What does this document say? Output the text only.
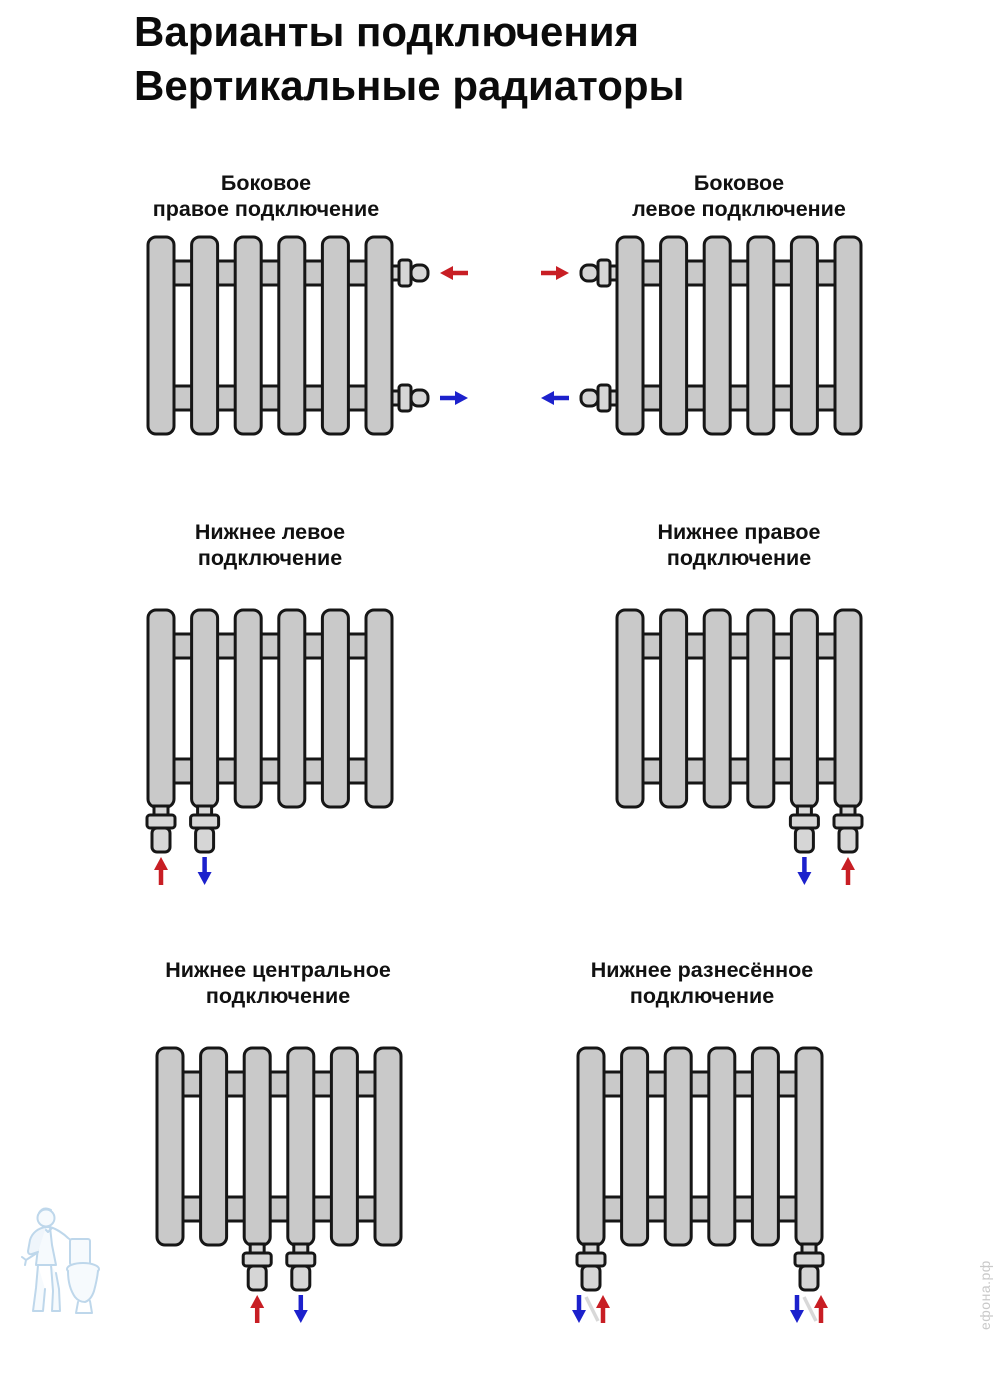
Варианты подключения
Вертикальные радиаторы
Боковое
правое подключение
Боковое
левое подключение
Нижнее левое
подключение
Нижнее правое
подключение
Нижнее центральное
подключение
Нижнее разнесённое
подключение
ефона.рф
